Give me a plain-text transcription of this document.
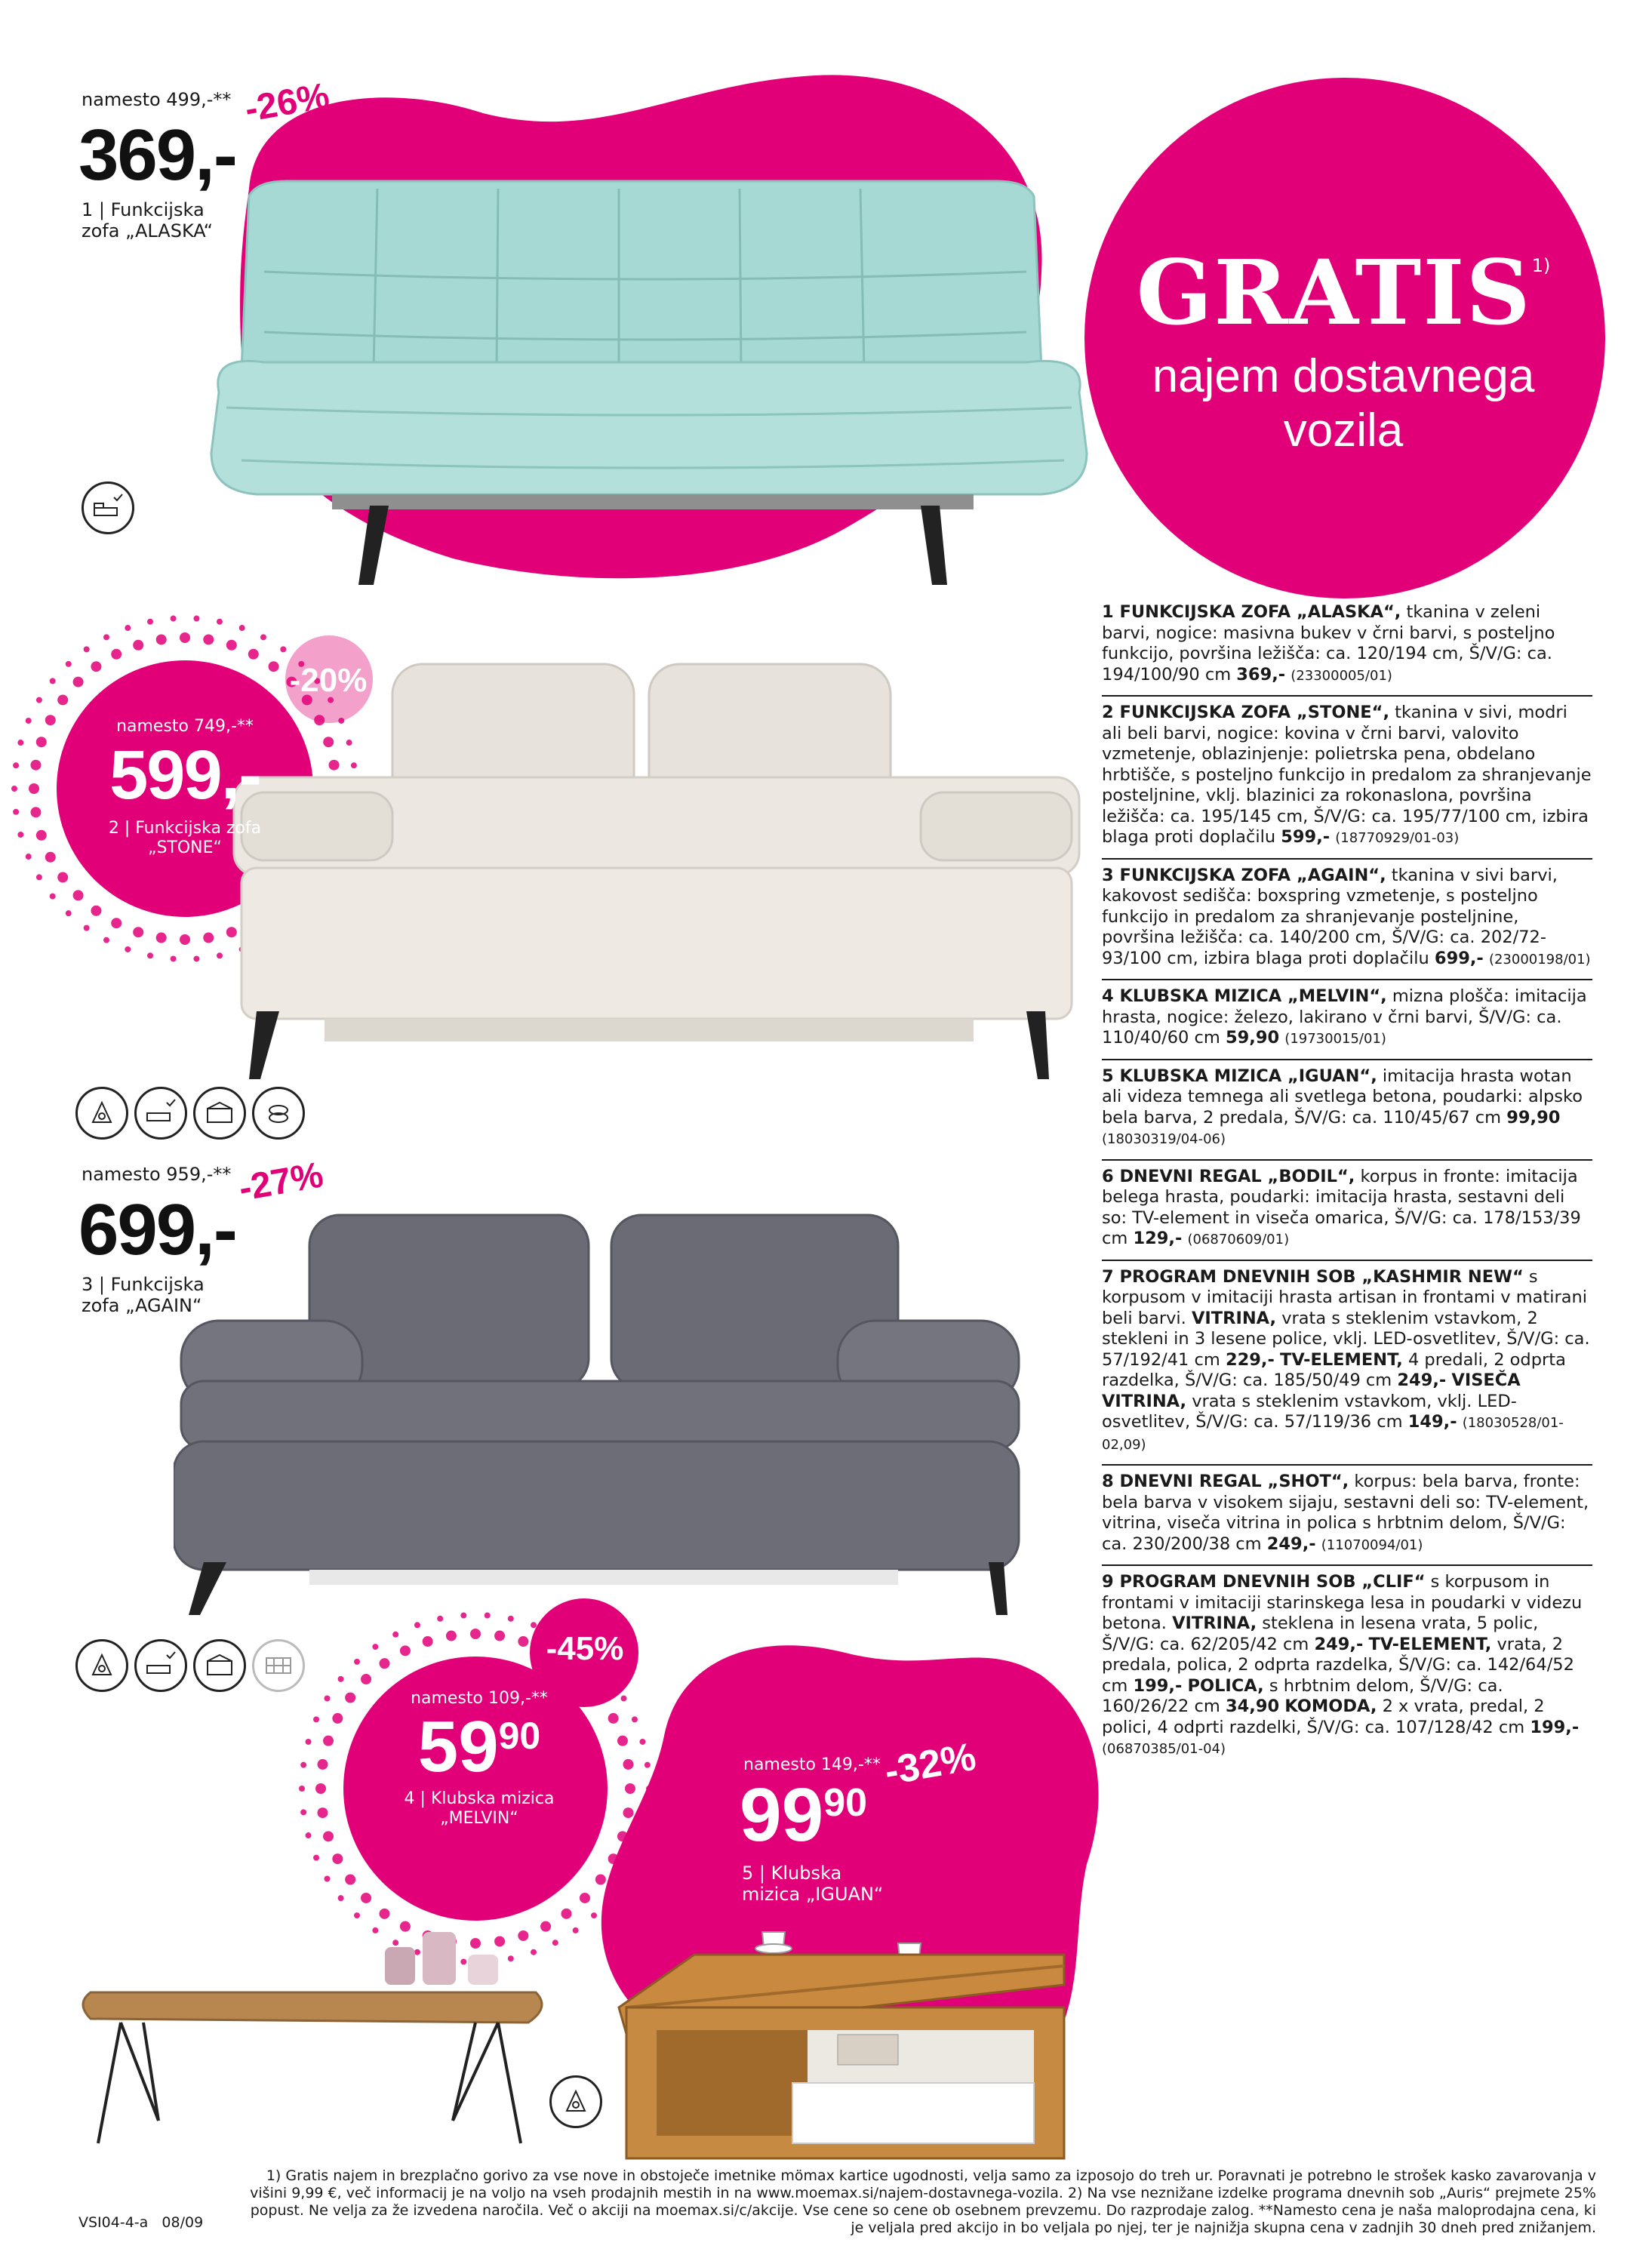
namesto 499,-**
369,-
-26%
1 | Funkcijska
zofa „ALASKA“
GRATIS$^{1)}$
najem dostavnega
vozila
-20%
namesto 749,-**
599,-
2 | Funkcijska zofa
„STONE“
namesto 959,-**
699,-
-27%
3 | Funkcijska
zofa „AGAIN“
-45%
namesto 109,-**
$59^{90}$
4 | Klubska mizica
„MELVIN“
namesto 149,-** -32%
$99^{90}$
5 | Klubska
mizica „IGUAN“
1 FUNKCIJSKA ZOFA „ALASKA“, tkanina v zeleni barvi, nogice: masivna bukev v črni barvi, s posteljno funkcijo, površina ležišča: ca. 120/194 cm, Š/V/G: ca. 194/100/90 cm 369,- (23300005/01)
2 FUNKCIJSKA ZOFA „STONE“, tkanina v sivi, modri ali beli barvi, nogice: kovina v črni barvi, valovito vzmetenje, oblazinjenje: polietrska pena, obdelano hrbtišče, s posteljno funkcijo in predalom za shranjevanje posteljnine, vklj. blazinici za rokonaslona, površina ležišča: ca. 195/145 cm, Š/V/G: ca. 195/77/100 cm, izbira blaga proti doplačilu 599,- (18770929/01-03)
3 FUNKCIJSKA ZOFA „AGAIN“, tkanina v sivi barvi, kakovost sedišča: boxspring vzmetenje, s posteljno funkcijo in predalom za shranjevanje posteljnine, površina ležišča: ca. 140/200 cm, Š/V/G: ca. 202/72-93/100 cm, izbira blaga proti doplačilu 699,- (23000198/01)
4 KLUBSKA MIZICA „MELVIN“, mizna plošča: imitacija hrasta, nogice: železo, lakirano v črni barvi, Š/V/G: ca. 110/40/60 cm 59,90 (19730015/01)
5 KLUBSKA MIZICA „IGUAN“, imitacija hrasta wotan ali videza temnega ali svetlega betona, poudarki: alpsko bela barva, 2 predala, Š/V/G: ca. 110/45/67 cm 99,90 (18030319/04-06)
6 DNEVNI REGAL „BODIL“, korpus in fronte: imitacija belega hrasta, poudarki: imitacija hrasta, sestavni deli so: TV-element in viseča omarica, Š/V/G: ca. 178/153/39 cm 129,- (06870609/01)
7 PROGRAM DNEVNIH SOB „KASHMIR NEW“ s korpusom v imitaciji hrasta artisan in frontami v matirani beli barvi. VITRINA, vrata s steklenim vstavkom, 2 stekleni in 3 lesene police, vklj. LED-osvetlitev, Š/V/G: ca. 57/192/41 cm 229,- TV-ELEMENT, 4 predali, 2 odprta razdelka, Š/V/G: ca. 185/50/49 cm 249,- VISEČA VITRINA, vrata s steklenim vstavkom, vklj. LED-osvetlitev, Š/V/G: ca. 57/119/36 cm 149,- (18030528/01-02,09)
8 DNEVNI REGAL „SHOT“, korpus: bela barva, fronte: bela barva v visokem sijaju, sestavni deli so: TV-element, vitrina, viseča vitrina in polica s hrbtnim delom, Š/V/G: ca. 230/200/38 cm 249,- (11070094/01)
9 PROGRAM DNEVNIH SOB „CLIF“ s korpusom in frontami v imitaciji starinskega lesa in poudarki v videzu betona. VITRINA, steklena in lesena vrata, 5 polic, Š/V/G: ca. 62/205/42 cm 249,- TV-ELEMENT, vrata, 2 predala, polica, 2 odprta razdelka, Š/V/G: ca. 142/64/52 cm 199,- POLICA, s hrbtnim delom, Š/V/G: ca. 160/26/22 cm 34,90 KOMODA, 2 x vrata, predal, 2 polici, 4 odprti razdelki, Š/V/G: ca. 107/128/42 cm 199,- (06870385/01-04)
VSI04-4-a 08/09
1) Gratis najem in brezplačno gorivo za vse nove in obstoječe imetnike mömax kartice ugodnosti, velja samo za izposojo do treh ur. Poravnati je potrebno le strošek kasko zavarovanja v
višini 9,99 €, več informacij je na voljo na vseh prodajnih mestih in na www.moemax.si/najem-dostavnega-vozila. 2) Na vse neznižane izdelke programa dnevnih sob „Auris“ prejmete 25%
popust. Ne velja za že izvedena naročila. Več o akciji na moemax.si/c/akcije. Vse cene so cene ob osebnem prevzemu. Do razprodaje zalog. **Namesto cena je naša maloprodajna cena, ki
je veljala pred akcijo in bo veljala po njej, ter je najnižja skupna cena v zadnjih 30 dneh pred znižanjem.
